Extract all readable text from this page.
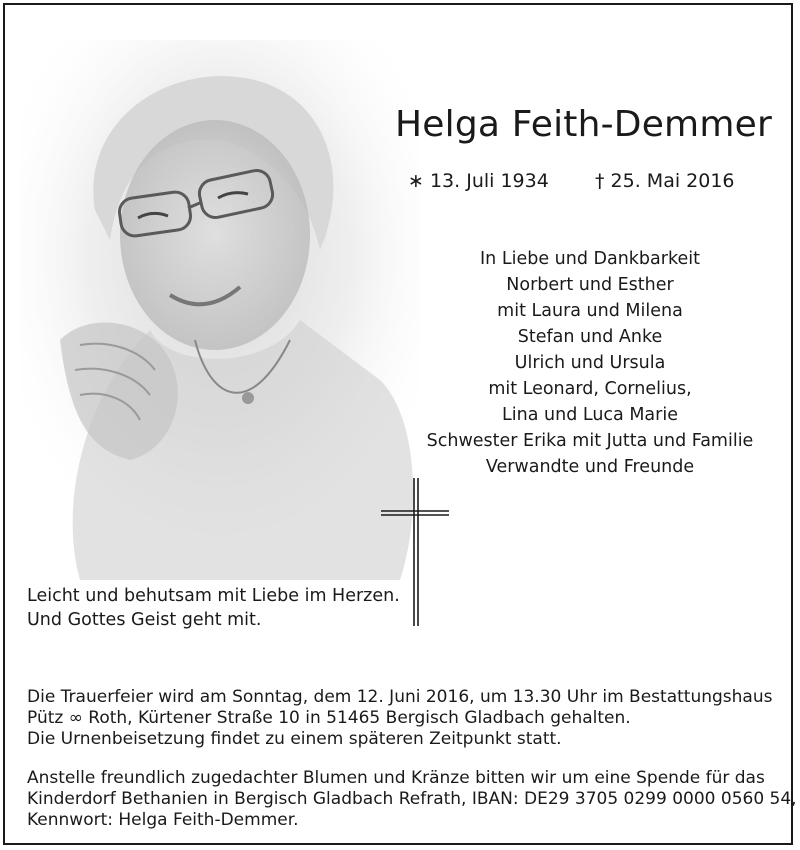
Helga Feith-Demmer
∗ 13. Juli 1934 † 25. Mai 2016
In Liebe und Dankbarkeit
Norbert und Esther
mit Laura und Milena
Stefan und Anke
Ulrich und Ursula
mit Leonard, Cornelius,
Lina und Luca Marie
Schwester Erika mit Jutta und Familie
Verwandte und Freunde
Leicht und behutsam mit Liebe im Herzen.
Und Gottes Geist geht mit.
Die Trauerfeier wird am Sonntag, dem 12. Juni 2016, um 13.30 Uhr im Bestattungshaus
Pütz ∞ Roth, Kürtener Straße 10 in 51465 Bergisch Gladbach gehalten.
Die Urnenbeisetzung findet zu einem späteren Zeitpunkt statt.
Anstelle freundlich zugedachter Blumen und Kränze bitten wir um eine Spende für das
Kinderdorf Bethanien in Bergisch Gladbach Refrath, IBAN: DE29 3705 0299 0000 0560 54,
Kennwort: Helga Feith-Demmer.
